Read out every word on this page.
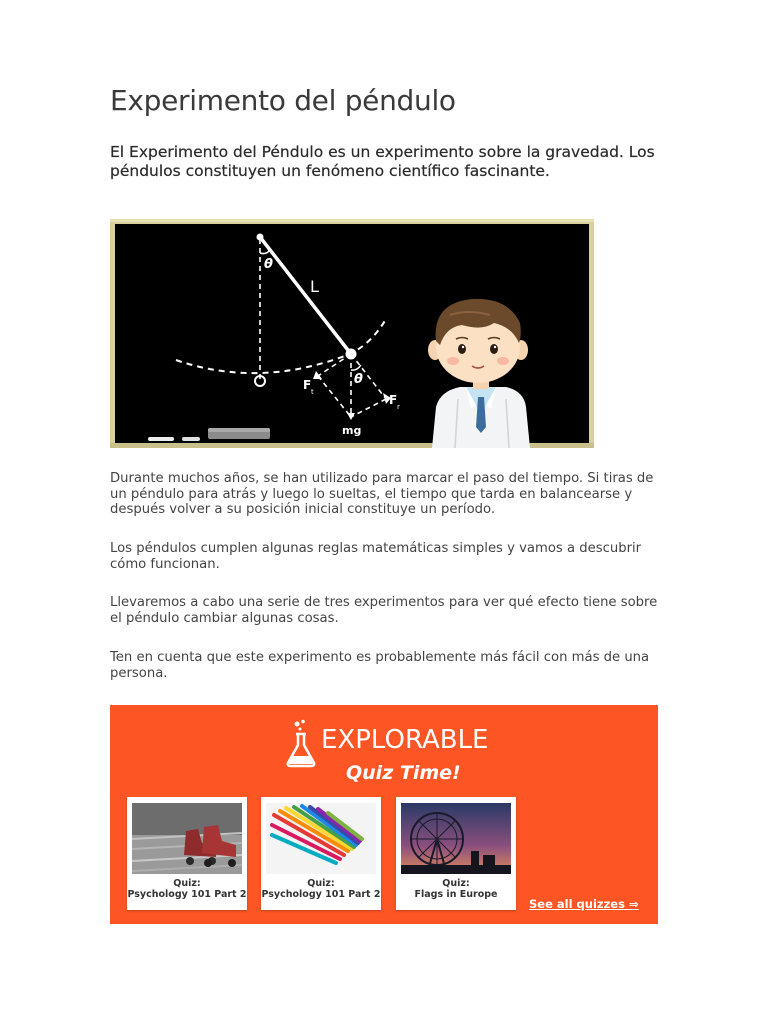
Experimento del péndulo

El Experimento del Péndulo es un experimento sobre la gravedad. Los péndulos constituyen un fenómeno científico fascinante.

θ
L
θ
F t
F r
mg

Durante muchos años, se han utilizado para marcar el paso del tiempo. Si tiras de un péndulo para atrás y luego lo sueltas, el tiempo que tarda en balancearse y después volver a su posición inicial constituye un período.

Los péndulos cumplen algunas reglas matemáticas simples y vamos a descubrir cómo funcionan.

Llevaremos a cabo una serie de tres experimentos para ver qué efecto tiene sobre el péndulo cambiar algunas cosas.

Ten en cuenta que este experimento es probablemente más fácil con más de una persona.

EXPLORABLE
Quiz Time!
Quiz:
Psychology 101 Part 2
Quiz:
Psychology 101 Part 2
Quiz:
Flags in Europe
See all quizzes ⇒
